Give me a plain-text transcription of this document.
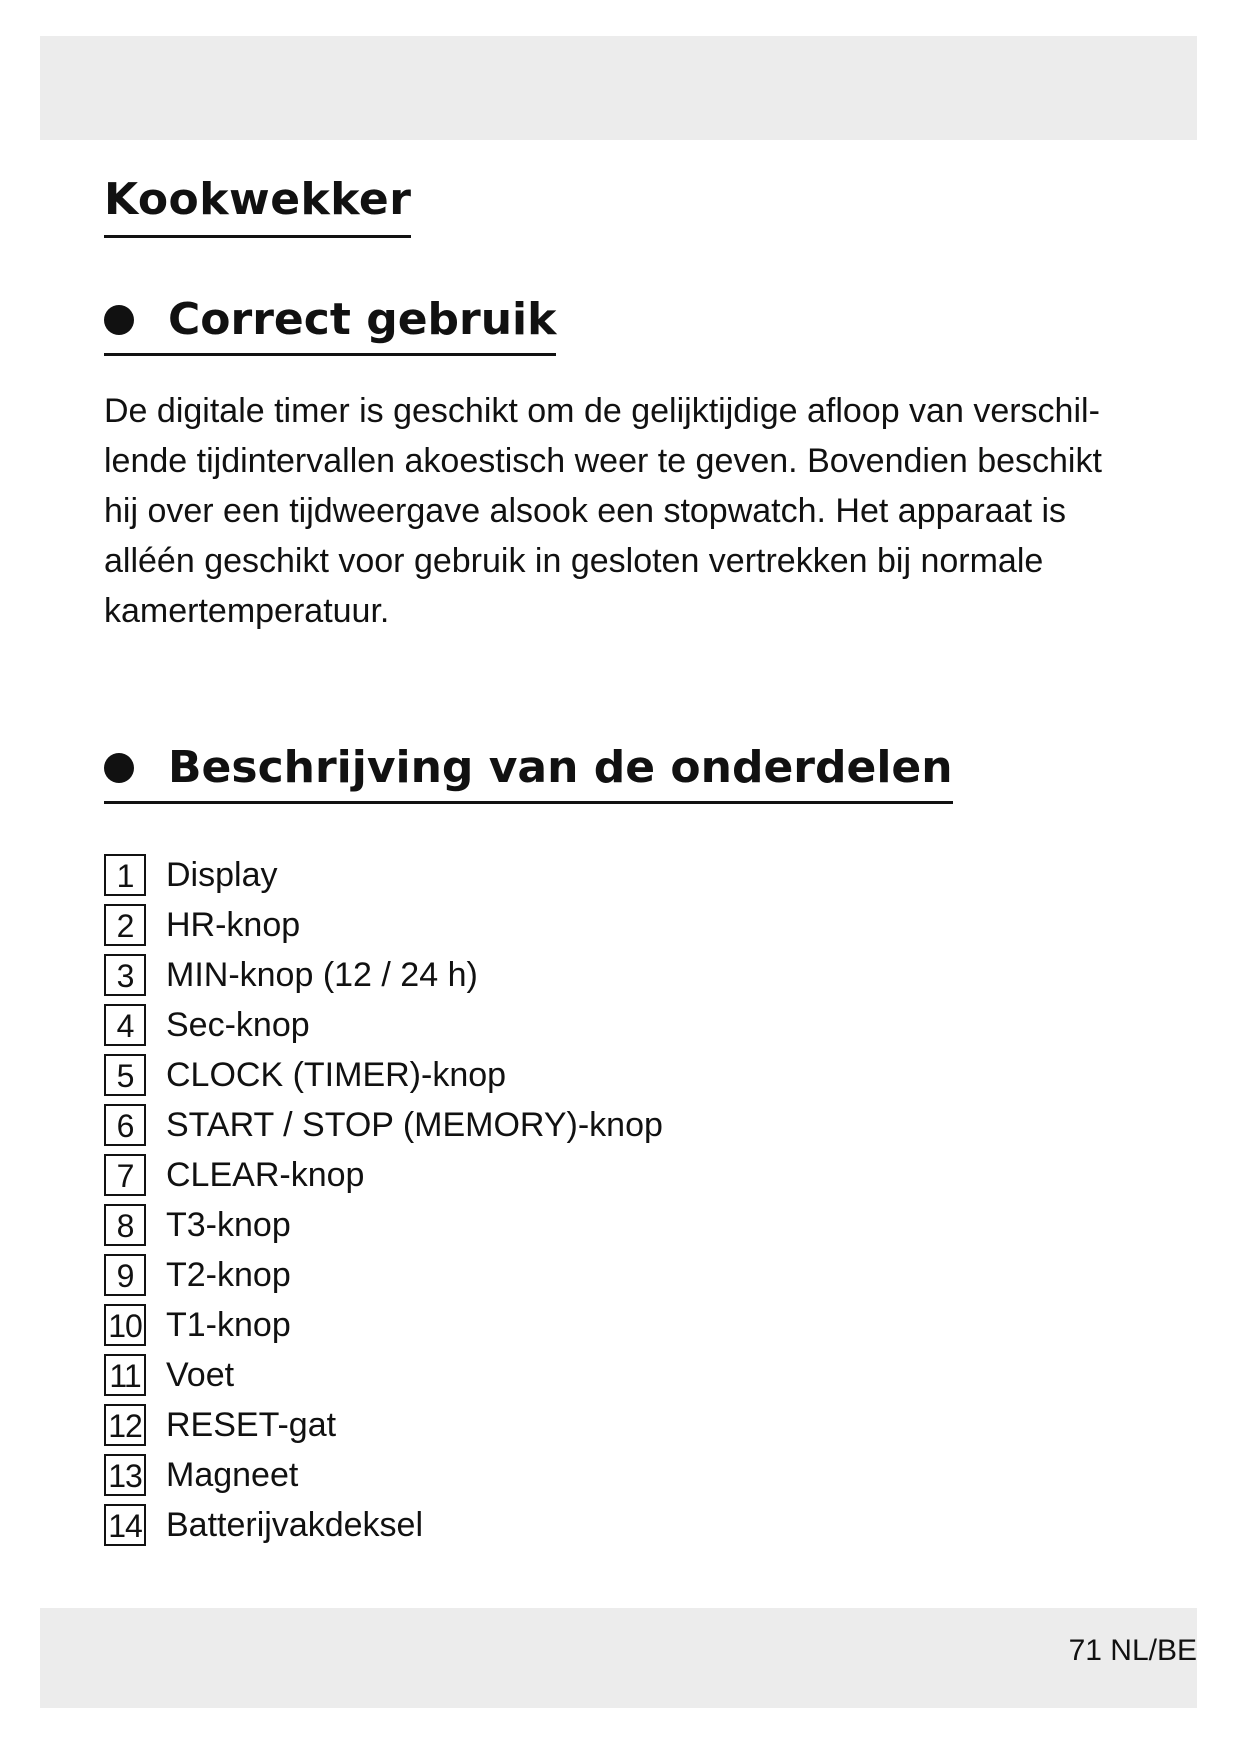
Kookwekker
Correct gebruik

De digitale timer is geschikt om de gelijktijdige afloop van verschil-
lende tijdintervallen akoestisch weer te geven. Bovendien beschikt
hij over een tijdweergave alsook een stopwatch. Het apparaat is
alléén geschikt voor gebruik in gesloten vertrekken bij normale
kamertemperatuur.

Beschrijving van de onderdelen
1 Display
2 HR-knop
3 MIN-knop (12 / 24 h)
4 Sec-knop
5 CLOCK (TIMER)-knop
6 START / STOP (MEMORY)-knop
7 CLEAR-knop
8 T3-knop
9 T2-knop
10 T1-knop
11 Voet
12 RESET-gat
13 Magneet
14 Batterijvakdeksel
71 NL/BE
